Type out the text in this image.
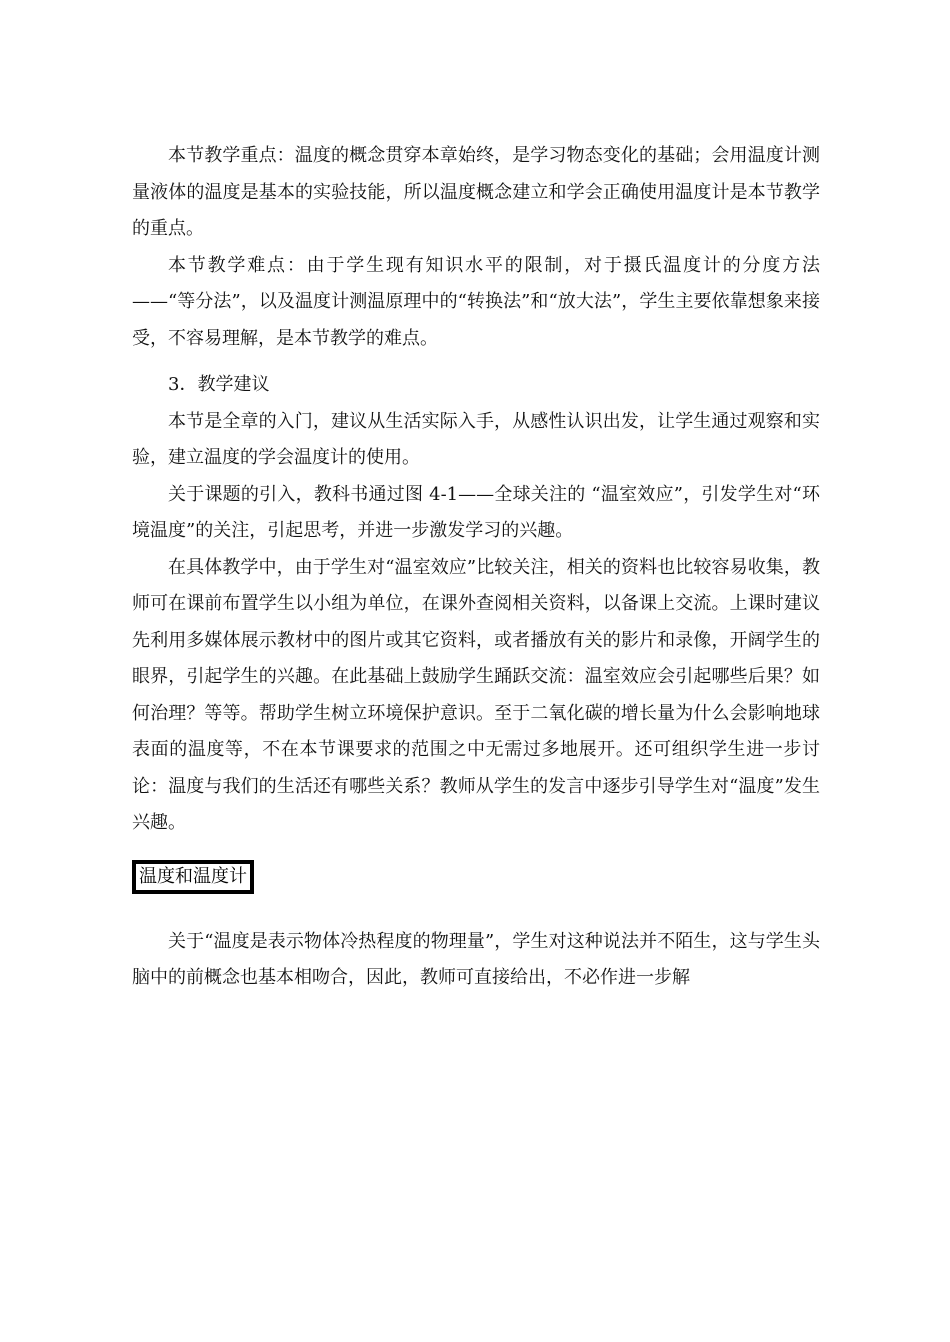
本节教学重点：温度的概念贯穿本章始终，是学习物态变化的基础；会用温度计测量液体的温度是基本的实验技能，所以温度概念建立和学会正确使用温度计是本节教学的重点。

本节教学难点：由于学生现有知识水平的限制，对于摄氏温度计的分度方法——“等分法”，以及温度计测温原理中的“转换法”和“放大法”，学生主要依靠想象来接受，不容易理解，是本节教学的难点。

3．教学建议

本节是全章的入门，建议从生活实际入手，从感性认识出发，让学生通过观察和实验，建立温度的学会温度计的使用。

关于课题的引入，教科书通过图 4-1——全球关注的 “温室效应”，引发学生对“环境温度”的关注，引起思考，并进一步激发学习的兴趣。

在具体教学中，由于学生对“温室效应”比较关注，相关的资料也比较容易收集，教师可在课前布置学生以小组为单位，在课外查阅相关资料，以备课上交流。上课时建议先利用多媒体展示教材中的图片或其它资料，或者播放有关的影片和录像，开阔学生的眼界，引起学生的兴趣。在此基础上鼓励学生踊跃交流：温室效应会引起哪些后果？如何治理？等等。帮助学生树立环境保护意识。至于二氧化碳的增长量为什么会影响地球表面的温度等，不在本节课要求的范围之中无需过多地展开。还可组织学生进一步讨论：温度与我们的生活还有哪些关系？教师从学生的发言中逐步引导学生对“温度”发生兴趣。

温度和温度计

关于“温度是表示物体冷热程度的物理量”，学生对这种说法并不陌生，这与学生头脑中的前概念也基本相吻合，因此，教师可直接给出，不必作进一步解
